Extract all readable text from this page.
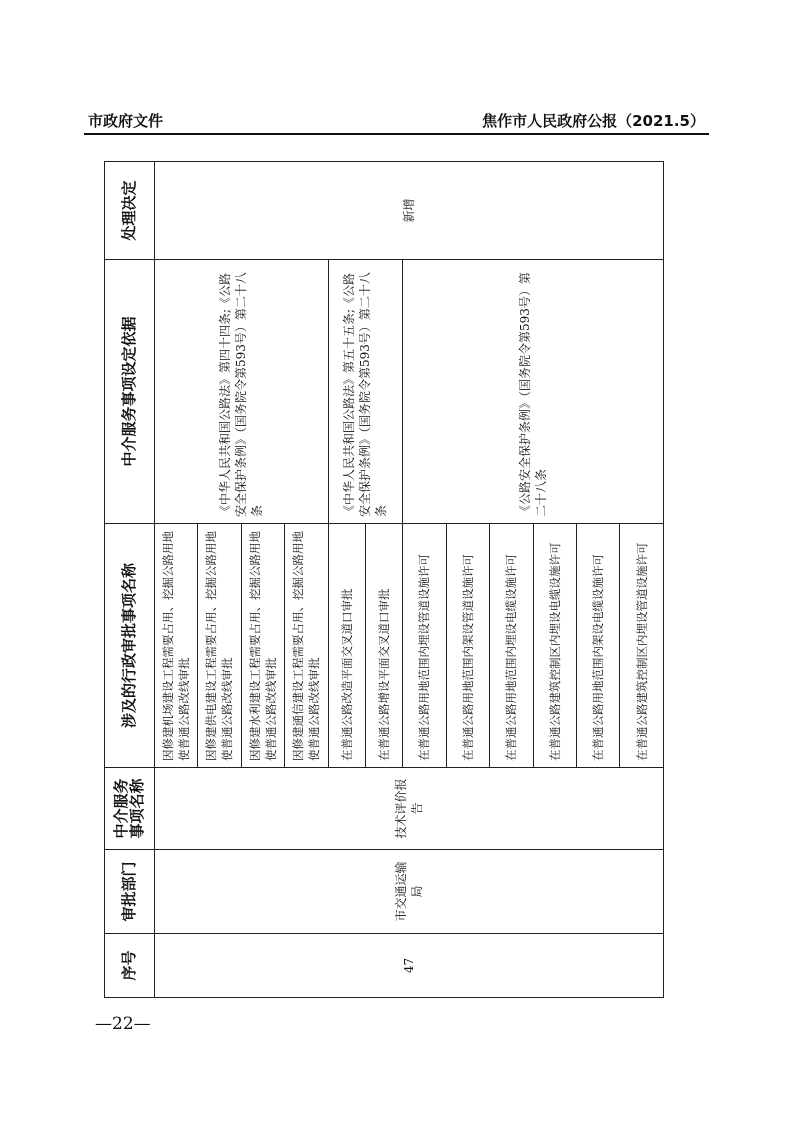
市政府文件	焦作市人民政府公报（2021.5）
序号	审批部门	中介服务事项名称	涉及的行政审批事项名称	中介服务事项设定依据	处理决定
47	市交通运输局	技术评价报告	因修建机场建设工程需要占用、挖掘公路用地使普通公路改线审批	《中华人民共和国公路法》第四十四条;《公路安全保护条例》（国务院令第593号）第二十八条	新增
			因修建供电建设工程需要占用、挖掘公路用地使普通公路改线审批		
			因修建水利建设工程需要占用、挖掘公路用地使普通公路改线审批		
			因修建通信建设工程需要占用、挖掘公路用地使普通公路改线审批		
			在普通公路改造平面交叉道口审批	《中华人民共和国公路法》第五十五条;《公路安全保护条例》（国务院令第593号）第二十八条	
			在普通公路增设平面交叉道口审批		
			在普通公路用地范围内埋设管道设施许可	《公路安全保护条例》（国务院令第593号）第二十八条	
			在普通公路用地范围内架设管道设施许可		
			在普通公路用地范围内埋设电缆设施许可		
			在普通公路建筑控制区内埋设电缆设施许可		
			在普通公路用地范围内架设电缆设施许可		
			在普通公路建筑控制区内埋设管道设施许可		
—22—
